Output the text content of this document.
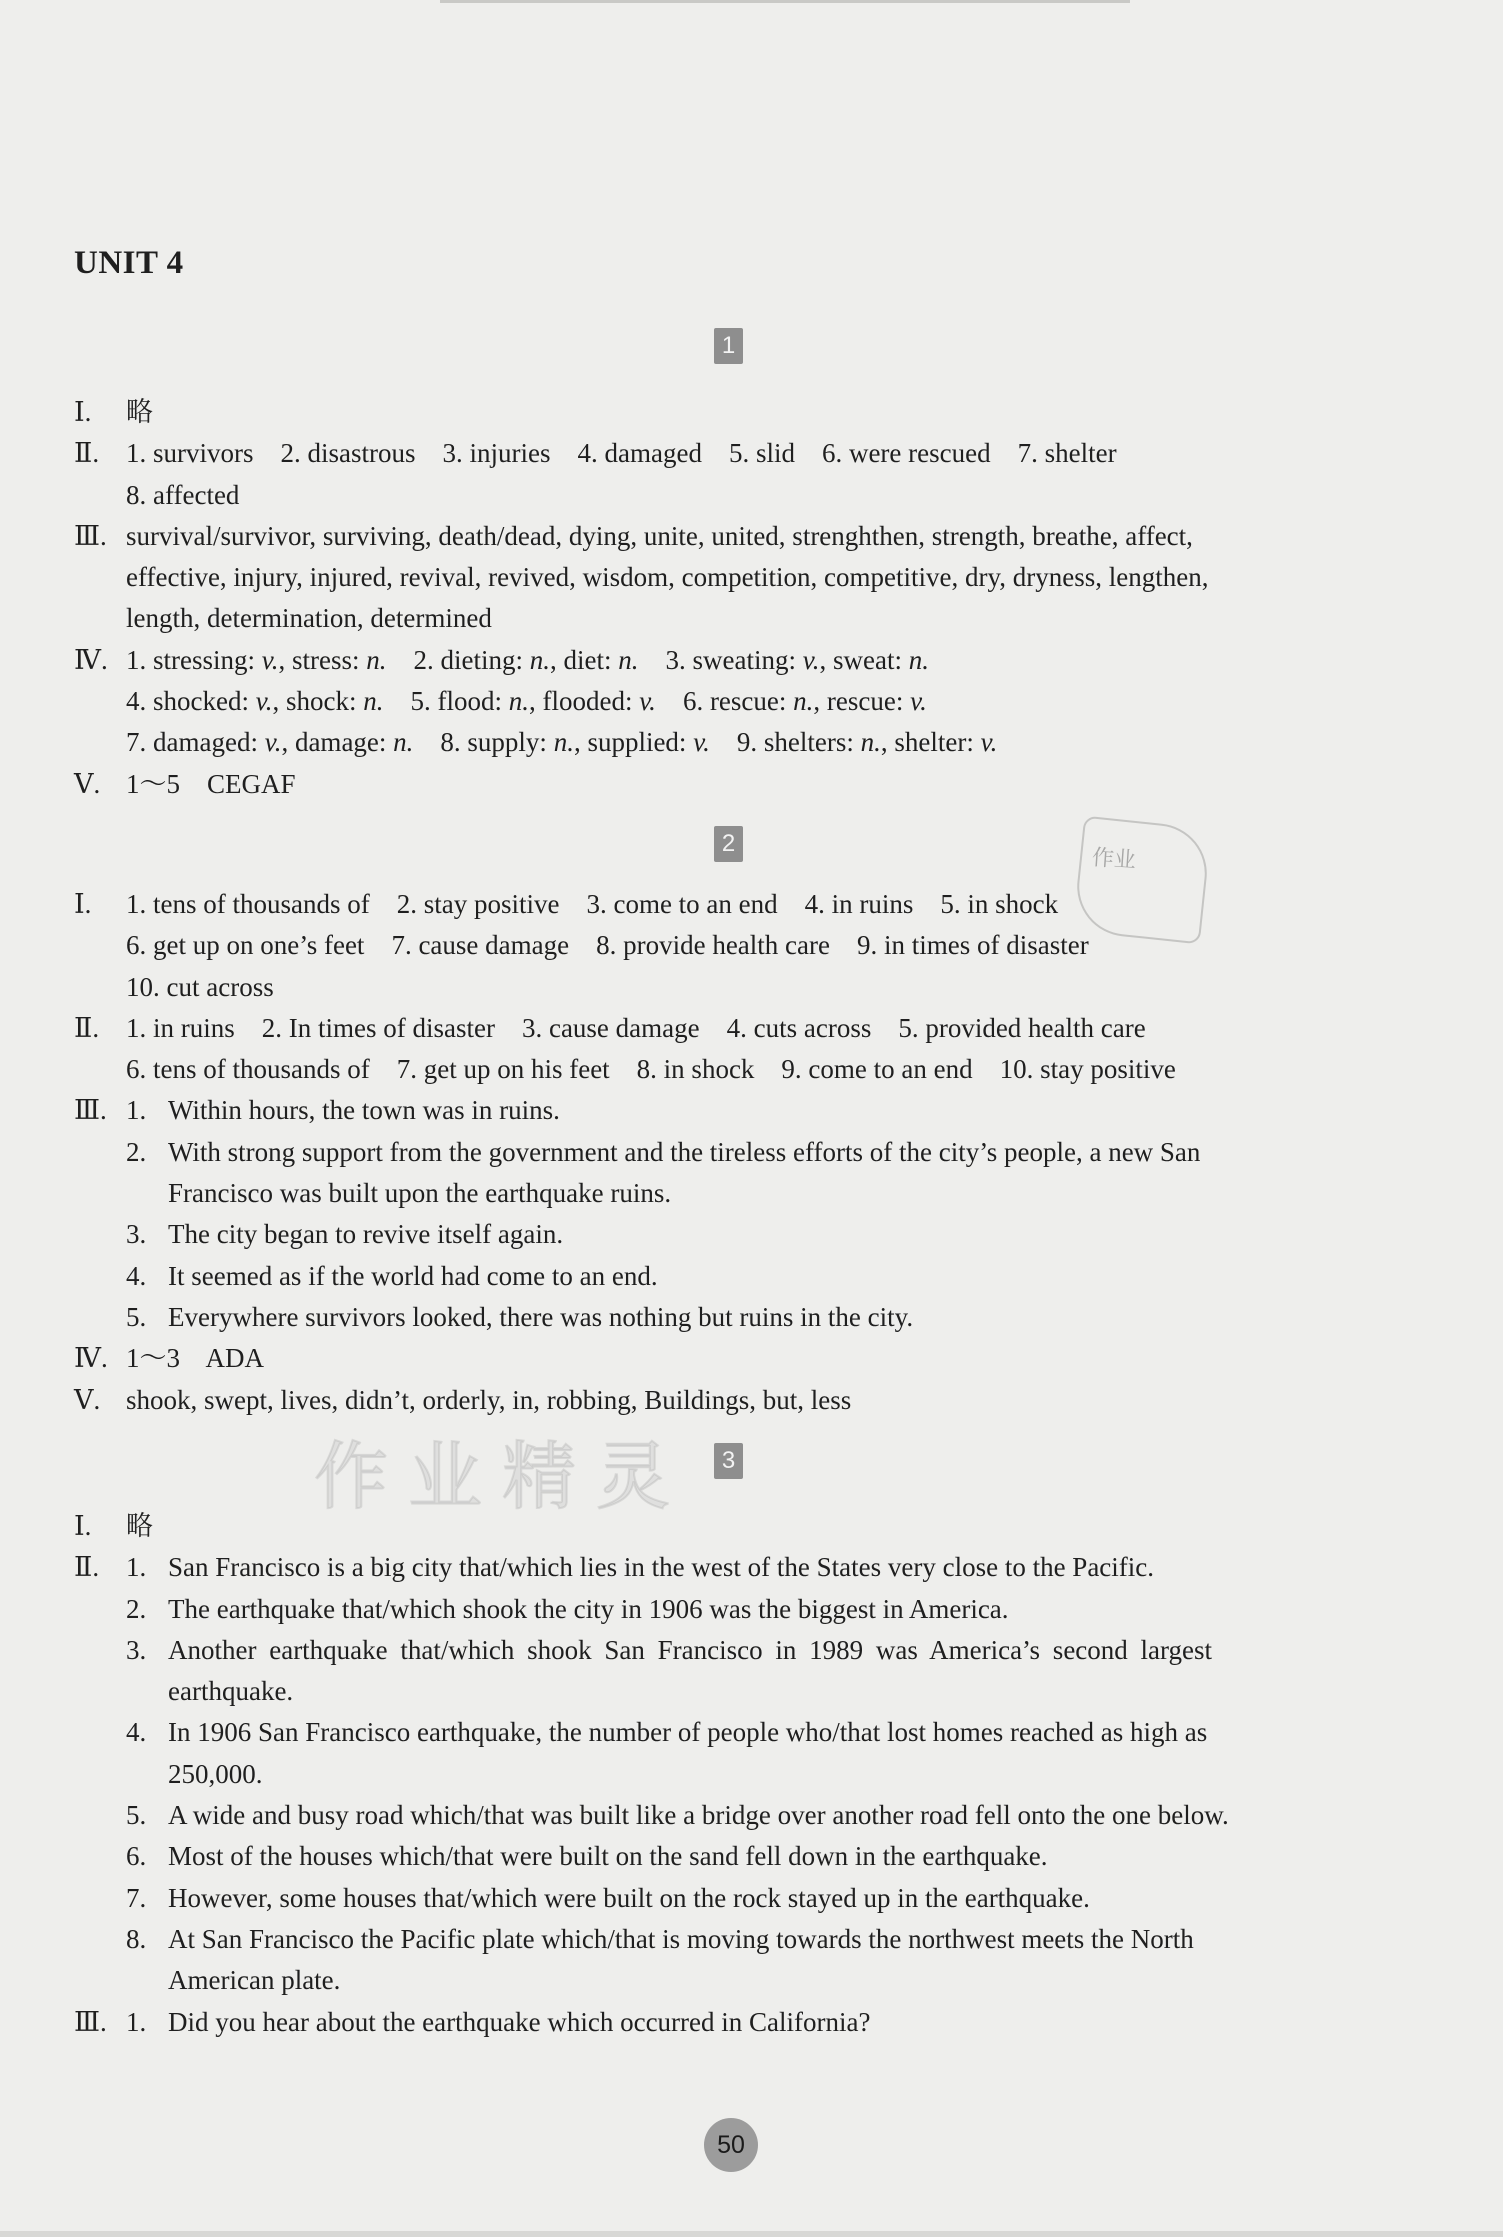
UNIT 4
1
Ⅰ. 略
Ⅱ. 1. survivors    2. disastrous    3. injuries    4. damaged    5. slid    6. were rescued    7. shelter
8. affected
Ⅲ. survival/survivor, surviving, death/dead, dying, unite, united, strenghthen, strength, breathe, affect,
effective, injury, injured, revival, revived, wisdom, competition, competitive, dry, dryness, lengthen,
length, determination, determined
Ⅳ. 1. stressing: v., stress: n.    2. dieting: n., diet: n.    3. sweating: v., sweat: n.
4. shocked: v., shock: n.    5. flood: n., flooded: v.    6. rescue: n., rescue: v.
7. damaged: v., damage: n.    8. supply: n., supplied: v.    9. shelters: n., shelter: v.
Ⅴ. 1～5    CEGAF
2
Ⅰ. 1. tens of thousands of    2. stay positive    3. come to an end    4. in ruins    5. in shock
6. get up on one’s feet    7. cause damage    8. provide health care    9. in times of disaster
10. cut across
Ⅱ. 1. in ruins    2. In times of disaster    3. cause damage    4. cuts across    5. provided health care
6. tens of thousands of    7. get up on his feet    8. in shock    9. come to an end    10. stay positive
Ⅲ. 1. Within hours, the town was in ruins.
2. With strong support from the government and the tireless efforts of the city’s people, a new San
Francisco was built upon the earthquake ruins.
3. The city began to revive itself again.
4. It seemed as if the world had come to an end.
5. Everywhere survivors looked, there was nothing but ruins in the city.
Ⅳ. 1～3    ADA
Ⅴ. shook, swept, lives, didn’t, orderly, in, robbing, Buildings, but, less
3
Ⅰ. 略
Ⅱ. 1. San Francisco is a big city that/which lies in the west of the States very close to the Pacific.
2. The earthquake that/which shook the city in 1906 was the biggest in America.
3. Another earthquake that/which shook San Francisco in 1989 was America’s second largest
earthquake.
4. In 1906 San Francisco earthquake, the number of people who/that lost homes reached as high as
250,000.
5. A wide and busy road which/that was built like a bridge over another road fell onto the one below.
6. Most of the houses which/that were built on the sand fell down in the earthquake.
7. However, some houses that/which were built on the rock stayed up in the earthquake.
8. At San Francisco the Pacific plate which/that is moving towards the northwest meets the North
American plate.
Ⅲ. 1. Did you hear about the earthquake which occurred in California?
作业
作业精灵
50
